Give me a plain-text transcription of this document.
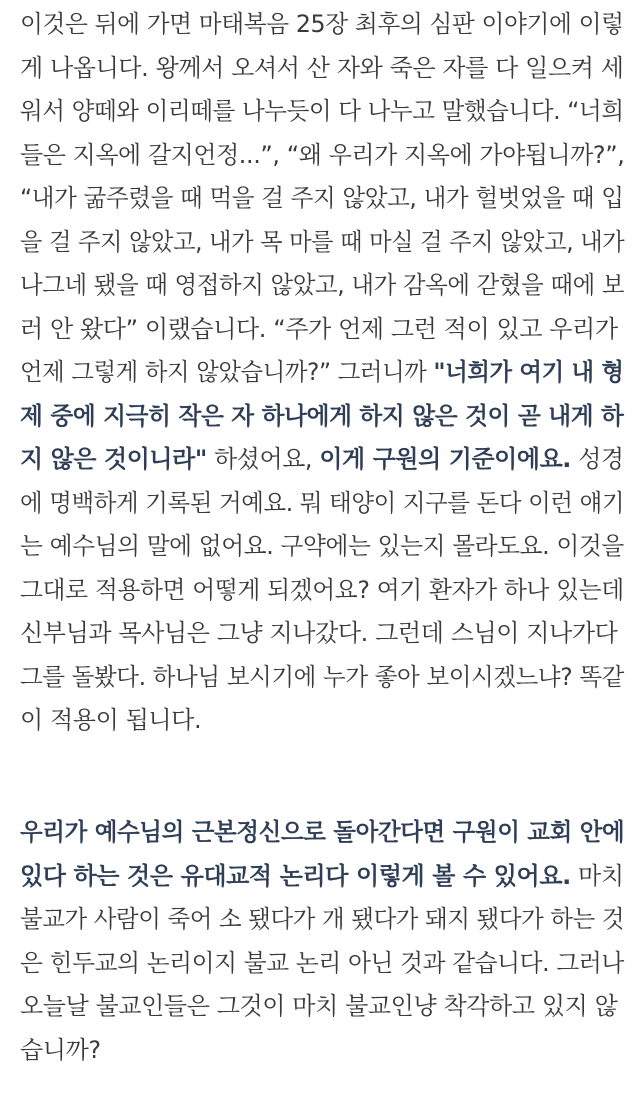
이것은 뒤에 가면 마태복음 25장 최후의 심판 이야기에 이렇
게 나옵니다. 왕께서 오셔서 산 자와 죽은 자를 다 일으켜 세
워서 양떼와 이리떼를 나누듯이 다 나누고 말했습니다. “너희
들은 지옥에 갈지언정...”, “왜 우리가 지옥에 가야됩니까?”,
“내가 굶주렸을 때 먹을 걸 주지 않았고, 내가 헐벗었을 때 입
을 걸 주지 않았고, 내가 목 마를 때 마실 걸 주지 않았고, 내가
나그네 됐을 때 영접하지 않았고, 내가 감옥에 갇혔을 때에 보
러 안 왔다” 이랬습니다. “주가 언제 그런 적이 있고 우리가
언제 그렇게 하지 않았습니까?” 그러니까 "너희가 여기 내 형
제 중에 지극히 작은 자 하나에게 하지 않은 것이 곧 내게 하
지 않은 것이니라" 하셨어요, 이게 구원의 기준이에요. 성경
에 명백하게 기록된 거예요. 뭐 태양이 지구를 돈다 이런 얘기
는 예수님의 말에 없어요. 구약에는 있는지 몰라도요. 이것을
그대로 적용하면 어떻게 되겠어요? 여기 환자가 하나 있는데
신부님과 목사님은 그냥 지나갔다. 그런데 스님이 지나가다
그를 돌봤다. 하나님 보시기에 누가 좋아 보이시겠느냐? 똑같
이 적용이 됩니다.
우리가 예수님의 근본정신으로 돌아간다면 구원이 교회 안에
있다 하는 것은 유대교적 논리다 이렇게 볼 수 있어요. 마치
불교가 사람이 죽어 소 됐다가 개 됐다가 돼지 됐다가 하는 것
은 힌두교의 논리이지 불교 논리 아닌 것과 같습니다. 그러나
오늘날 불교인들은 그것이 마치 불교인냥 착각하고 있지 않
습니까?
